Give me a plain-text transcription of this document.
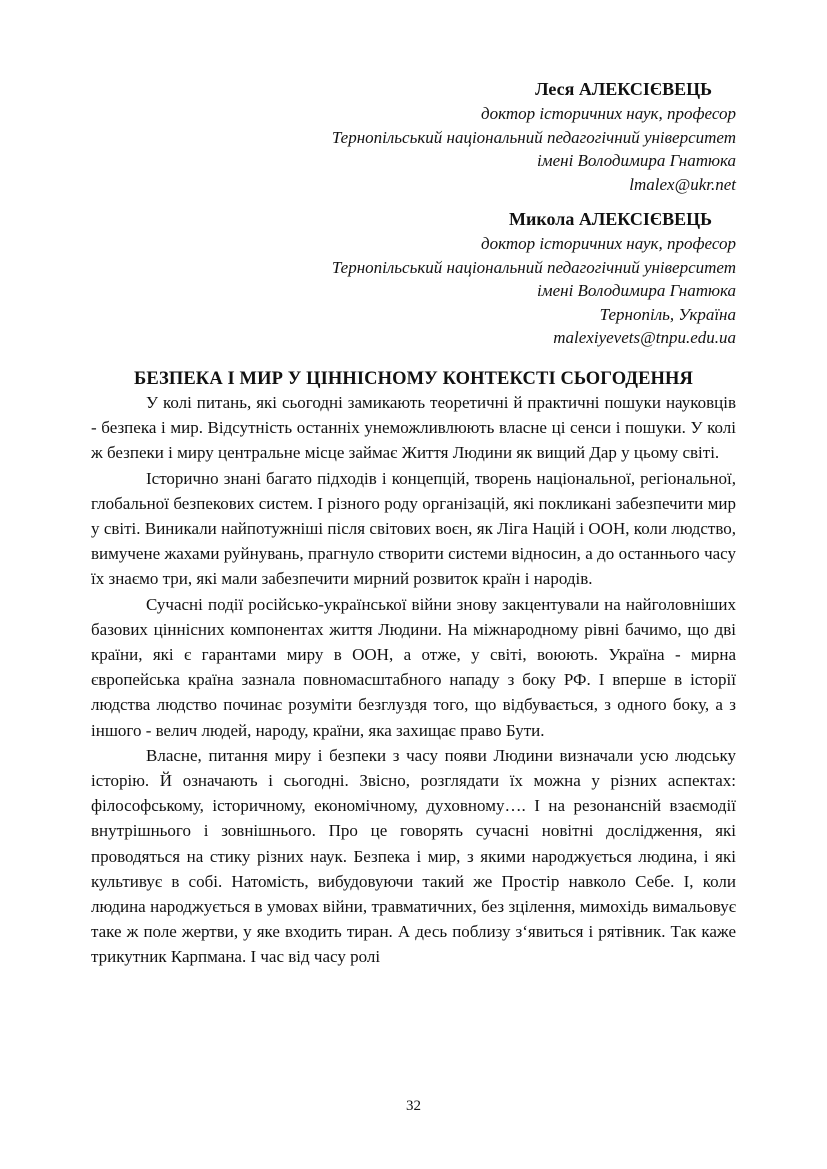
Леся АЛЕКСІЄВЕЦЬ
доктор історичних наук, професор
Тернопільський національний педагогічний університет
імені Володимира Гнатюка
lmalex@ukr.net
Микола АЛЕКСІЄВЕЦЬ
доктор історичних наук, професор
Тернопільський національний педагогічний університет
імені Володимира Гнатюка
Тернопіль, Україна
malexiyevets@tnpu.edu.ua
БЕЗПЕКА І МИР У ЦІННІСНОМУ КОНТЕКСТІ СЬОГОДЕННЯ

У колі питань, які сьогодні замикають теоретичні й практичні пошуки науковців - безпека і мир. Відсутність останніх унеможливлюють власне ці сенси і пошуки. У колі ж безпеки і миру центральне місце займає Життя Людини як вищий Дар у цьому світі.

Історично знані багато підходів і концепцій, творень національної, регіональної, глобальної безпекових систем. І різного роду організацій, які покликані забезпечити мир у світі. Виникали найпотужніші після світових воєн, як Ліга Націй і ООН, коли людство, вимучене жахами руйнувань, прагнуло створити системи відносин, а до останнього часу їх знаємо три, які мали забезпечити мирний розвиток країн і народів.

Сучасні події російсько-української війни знову закцентували на найголовніших базових ціннісних компонентах життя Людини. На міжнародному рівні бачимо, що дві країни, які є гарантами миру в ООН, а отже, у світі, воюють. Україна - мирна європейська країна зазнала повномасштабного нападу з боку РФ. І вперше в історії людства людство починає розуміти безглуздя того, що відбувається, з одного боку, а з іншого - велич людей, народу, країни, яка захищає право Бути.

Власне, питання миру і безпеки з часу появи Людини визначали усю людську історію. Й означають і сьогодні. Звісно, розглядати їх можна у різних аспектах: філософському, історичному, економічному, духовному…. І на резонансній взаємодії внутрішнього і зовнішнього. Про це говорять сучасні новітні дослідження, які проводяться на стику різних наук. Безпека і мир, з якими народжується людина, і які культивує в собі. Натомість, вибудовуючи такий же Простір навколо Себе. І, коли людина народжується в умовах війни, травматичних, без зцілення, мимохідь вимальовує таке ж поле жертви, у яке входить тиран. А десь поблизу з‘явиться і рятівник. Так каже трикутник Карпмана. І час від часу ролі

32
